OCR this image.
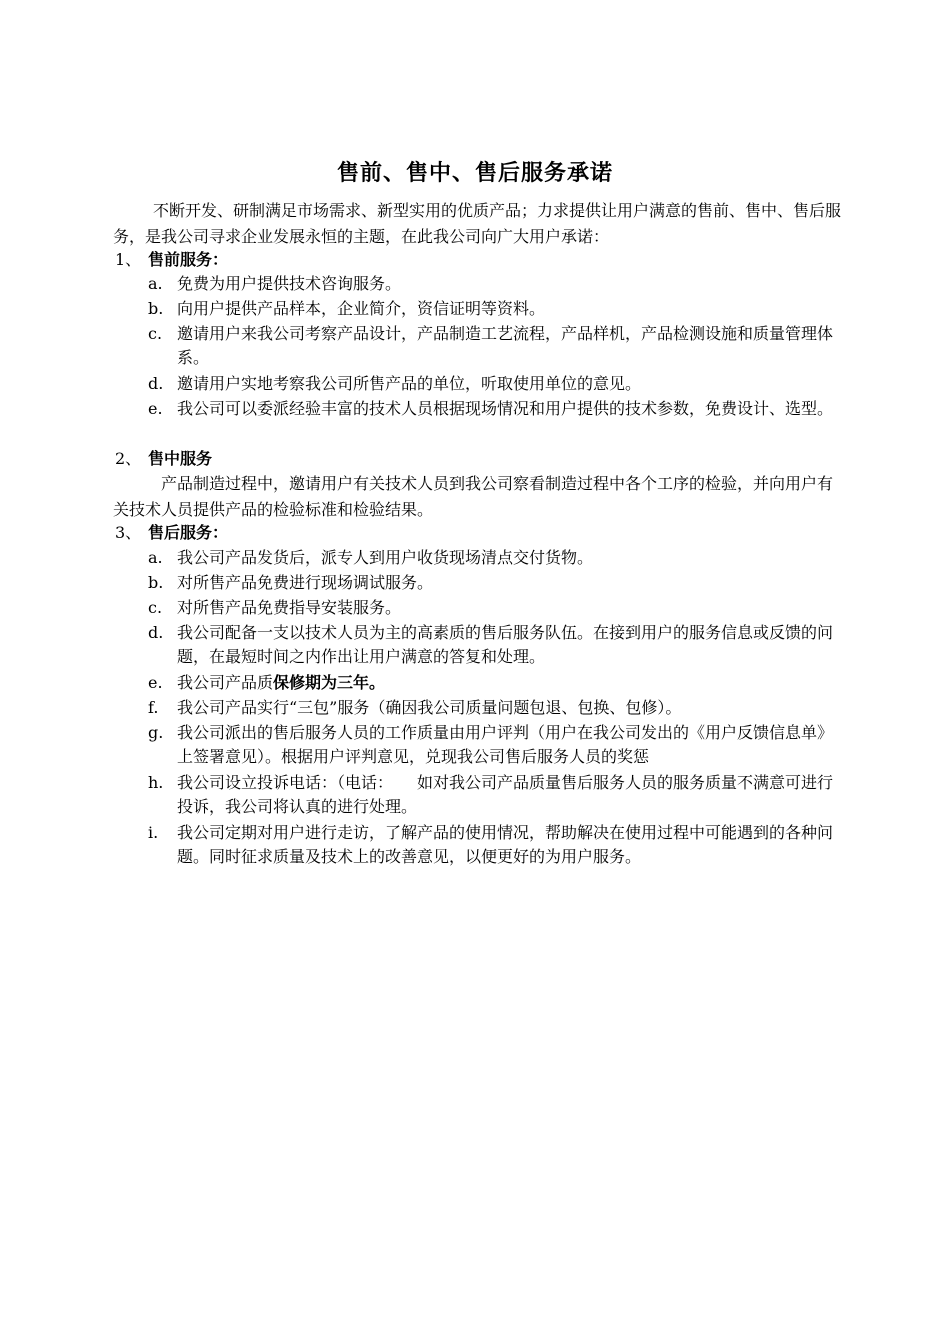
售前、售中、售后服务承诺
不断开发、研制满足市场需求、新型实用的优质产品；力求提供让用户满意的售前、售中、售后服务，是我公司寻求企业发展永恒的主题，在此我公司向广大用户承诺：
1、 售前服务：
a. 免费为用户提供技术咨询服务。
b. 向用户提供产品样本，企业简介，资信证明等资料。
c. 邀请用户来我公司考察产品设计，产品制造工艺流程，产品样机，产品检测设施和质量管理体系。
d. 邀请用户实地考察我公司所售产品的单位，听取使用单位的意见。
e. 我公司可以委派经验丰富的技术人员根据现场情况和用户提供的技术参数，免费设计、选型。
2、 售中服务
产品制造过程中，邀请用户有关技术人员到我公司察看制造过程中各个工序的检验，并向用户有关技术人员提供产品的检验标准和检验结果。
3、 售后服务：
a. 我公司产品发货后，派专人到用户收货现场清点交付货物。
b. 对所售产品免费进行现场调试服务。
c. 对所售产品免费指导安装服务。
d. 我公司配备一支以技术人员为主的高素质的售后服务队伍。在接到用户的服务信息或反馈的问题，在最短时间之内作出让用户满意的答复和处理。
e. 我公司产品质保修期为三年。
f.	我公司产品实行“三包”服务（确因我公司质量问题包退、包换、包修）。
g. 我公司派出的售后服务人员的工作质量由用户评判（用户在我公司发出的《用户反馈信息单》上签署意见）。根据用户评判意见，兑现我公司售后服务人员的奖惩
h. 我公司设立投诉电话：（电话：　　如对我公司产品质量售后服务人员的服务质量不满意可进行投诉，我公司将认真的进行处理。
i.	我公司定期对用户进行走访，了解产品的使用情况，帮助解决在使用过程中可能遇到的各种问题。同时征求质量及技术上的改善意见，以便更好的为用户服务。
